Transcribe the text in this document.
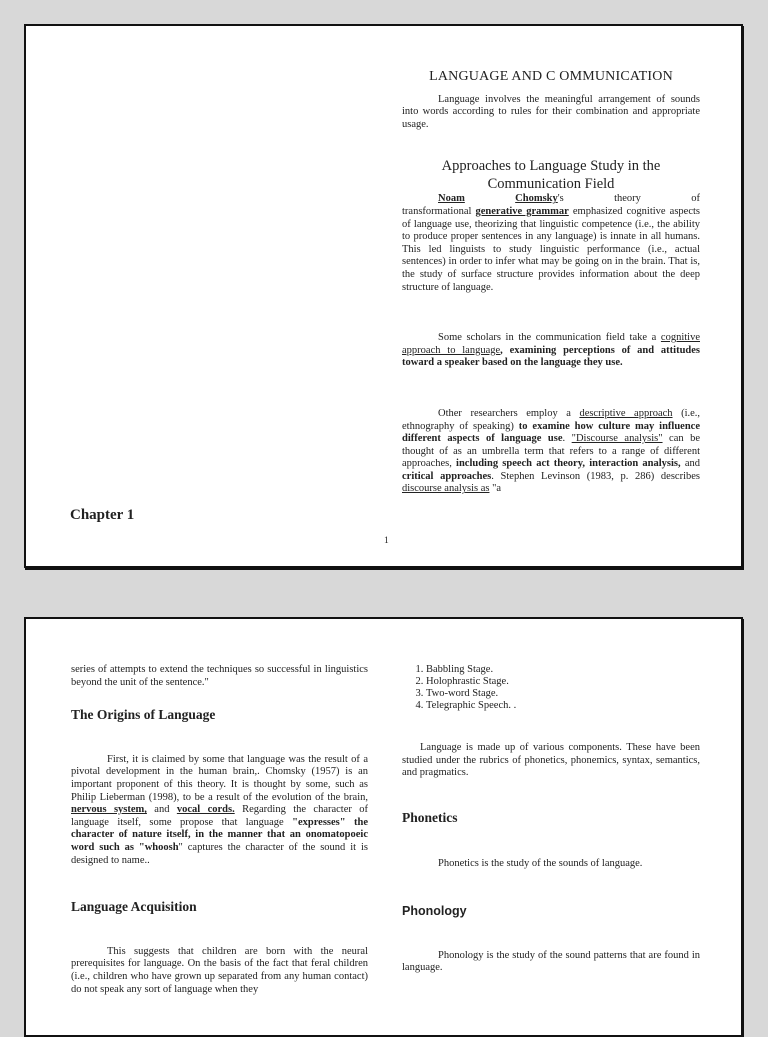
LANGUAGE AND C OMMUNICATION

Language involves the meaningful arrangement of sounds into words according to rules for their combination and appropriate usage.

Approaches to Language Study in the Communication Field

Noam	Chomsky's	theory	of

transformational generative grammar emphasized cognitive aspects of language use, theorizing that linguistic competence (i.e., the ability to produce proper sentences in any language) is innate in all humans. This led linguists to study linguistic performance (i.e., actual sentences) in order to infer what may be going on in the brain. That is, the study of surface structure provides information about the deep structure of language.

Some scholars in the communication field take a cognitive approach to language, examining perceptions of and attitudes toward a speaker based on the language they use.

Other researchers employ a descriptive approach (i.e., ethnography of speaking) to examine how culture may influence different aspects of language use. "Discourse analysis" can be thought of as an umbrella term that refers to a range of different approaches, including speech act theory, interaction analysis, and critical approaches. Stephen Levinson (1983, p. 286) describes discourse analysis as "a

Chapter 1
1

series of attempts to extend the techniques so successful in linguistics beyond the unit of the sentence."

The Origins of Language

First, it is claimed by some that language was the result of a pivotal development in the human brain,. Chomsky (1957) is an important proponent of this theory. It is thought by some, such as Philip Lieberman (1998), to be a result of the evolution of the brain, nervous system, and vocal cords. Regarding the character of language itself, some propose that language "expresses" the character of nature itself, in the manner that an onomatopoeic word such as "whoosh" captures the character of the sound it is designed to name..

Language Acquisition

This suggests that children are born with the neural prerequisites for language. On the basis of the fact that feral children (i.e., children who have grown up separated from any human contact) do not speak any sort of language when they

1. Babbling Stage.
2. Holophrastic Stage.
3. Two-word Stage.
4. Telegraphic Speech. .

Language is made up of various components. These have been studied under the rubrics of phonetics, phonemics, syntax, semantics, and pragmatics.

Phonetics

Phonetics is the study of the sounds of language.

Phonology

Phonology is the study of the sound patterns that are found in language.
